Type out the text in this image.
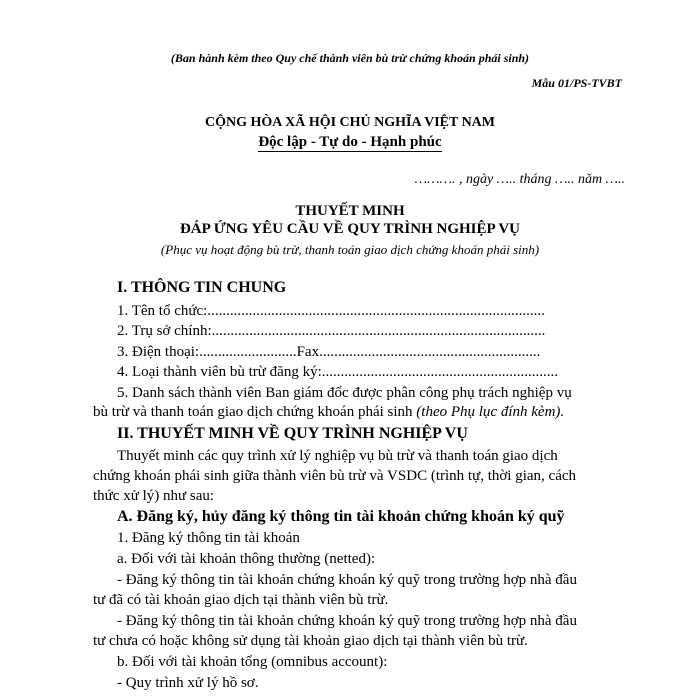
(Ban hành kèm theo Quy chế thành viên bù trừ chứng khoán phái sinh)
Mẫu 01/PS-TVBT
CỘNG HÒA XÃ HỘI CHỦ NGHĨA VIỆT NAM
Độc lập - Tự do - Hạnh phúc
………. , ngày ….. tháng ….. năm …..
THUYẾT MINH
ĐÁP ỨNG YÊU CẦU VỀ QUY TRÌNH NGHIỆP VỤ
(Phục vụ hoạt động bù trừ, thanh toán giao dịch chứng khoán phái sinh)
I. THÔNG TIN CHUNG
1. Tên tổ chức:..........................................................................................
2. Trụ sở chính:.........................................................................................
3. Điện thoại:..........................Fax...........................................................
4. Loại thành viên bù trừ đăng ký:...............................................................
5. Danh sách thành viên Ban giám đốc được phân công phụ trách nghiệp vụ
bù trừ và thanh toán giao dịch chứng khoán phái sinh (theo Phụ lục đính kèm).
II. THUYẾT MINH VỀ QUY TRÌNH NGHIỆP VỤ
Thuyết minh các quy trình xử lý nghiệp vụ bù trừ và thanh toán giao dịch
chứng khoán phái sinh giữa thành viên bù trừ và VSDC (trình tự, thời gian, cách
thức xử lý) như sau:
A. Đăng ký, hủy đăng ký thông tin tài khoản chứng khoán ký quỹ
1. Đăng ký thông tin tài khoản
a. Đối với tài khoản thông thường (netted):
- Đăng ký thông tin tài khoản chứng khoán ký quỹ trong trường hợp nhà đầu
tư đã có tài khoản giao dịch tại thành viên bù trừ.
- Đăng ký thông tin tài khoản chứng khoán ký quỹ trong trường hợp nhà đầu
tư chưa có hoặc không sử dụng tài khoản giao dịch tại thành viên bù trừ.
b. Đối với tài khoản tổng (omnibus account):
- Quy trình xử lý hồ sơ.
